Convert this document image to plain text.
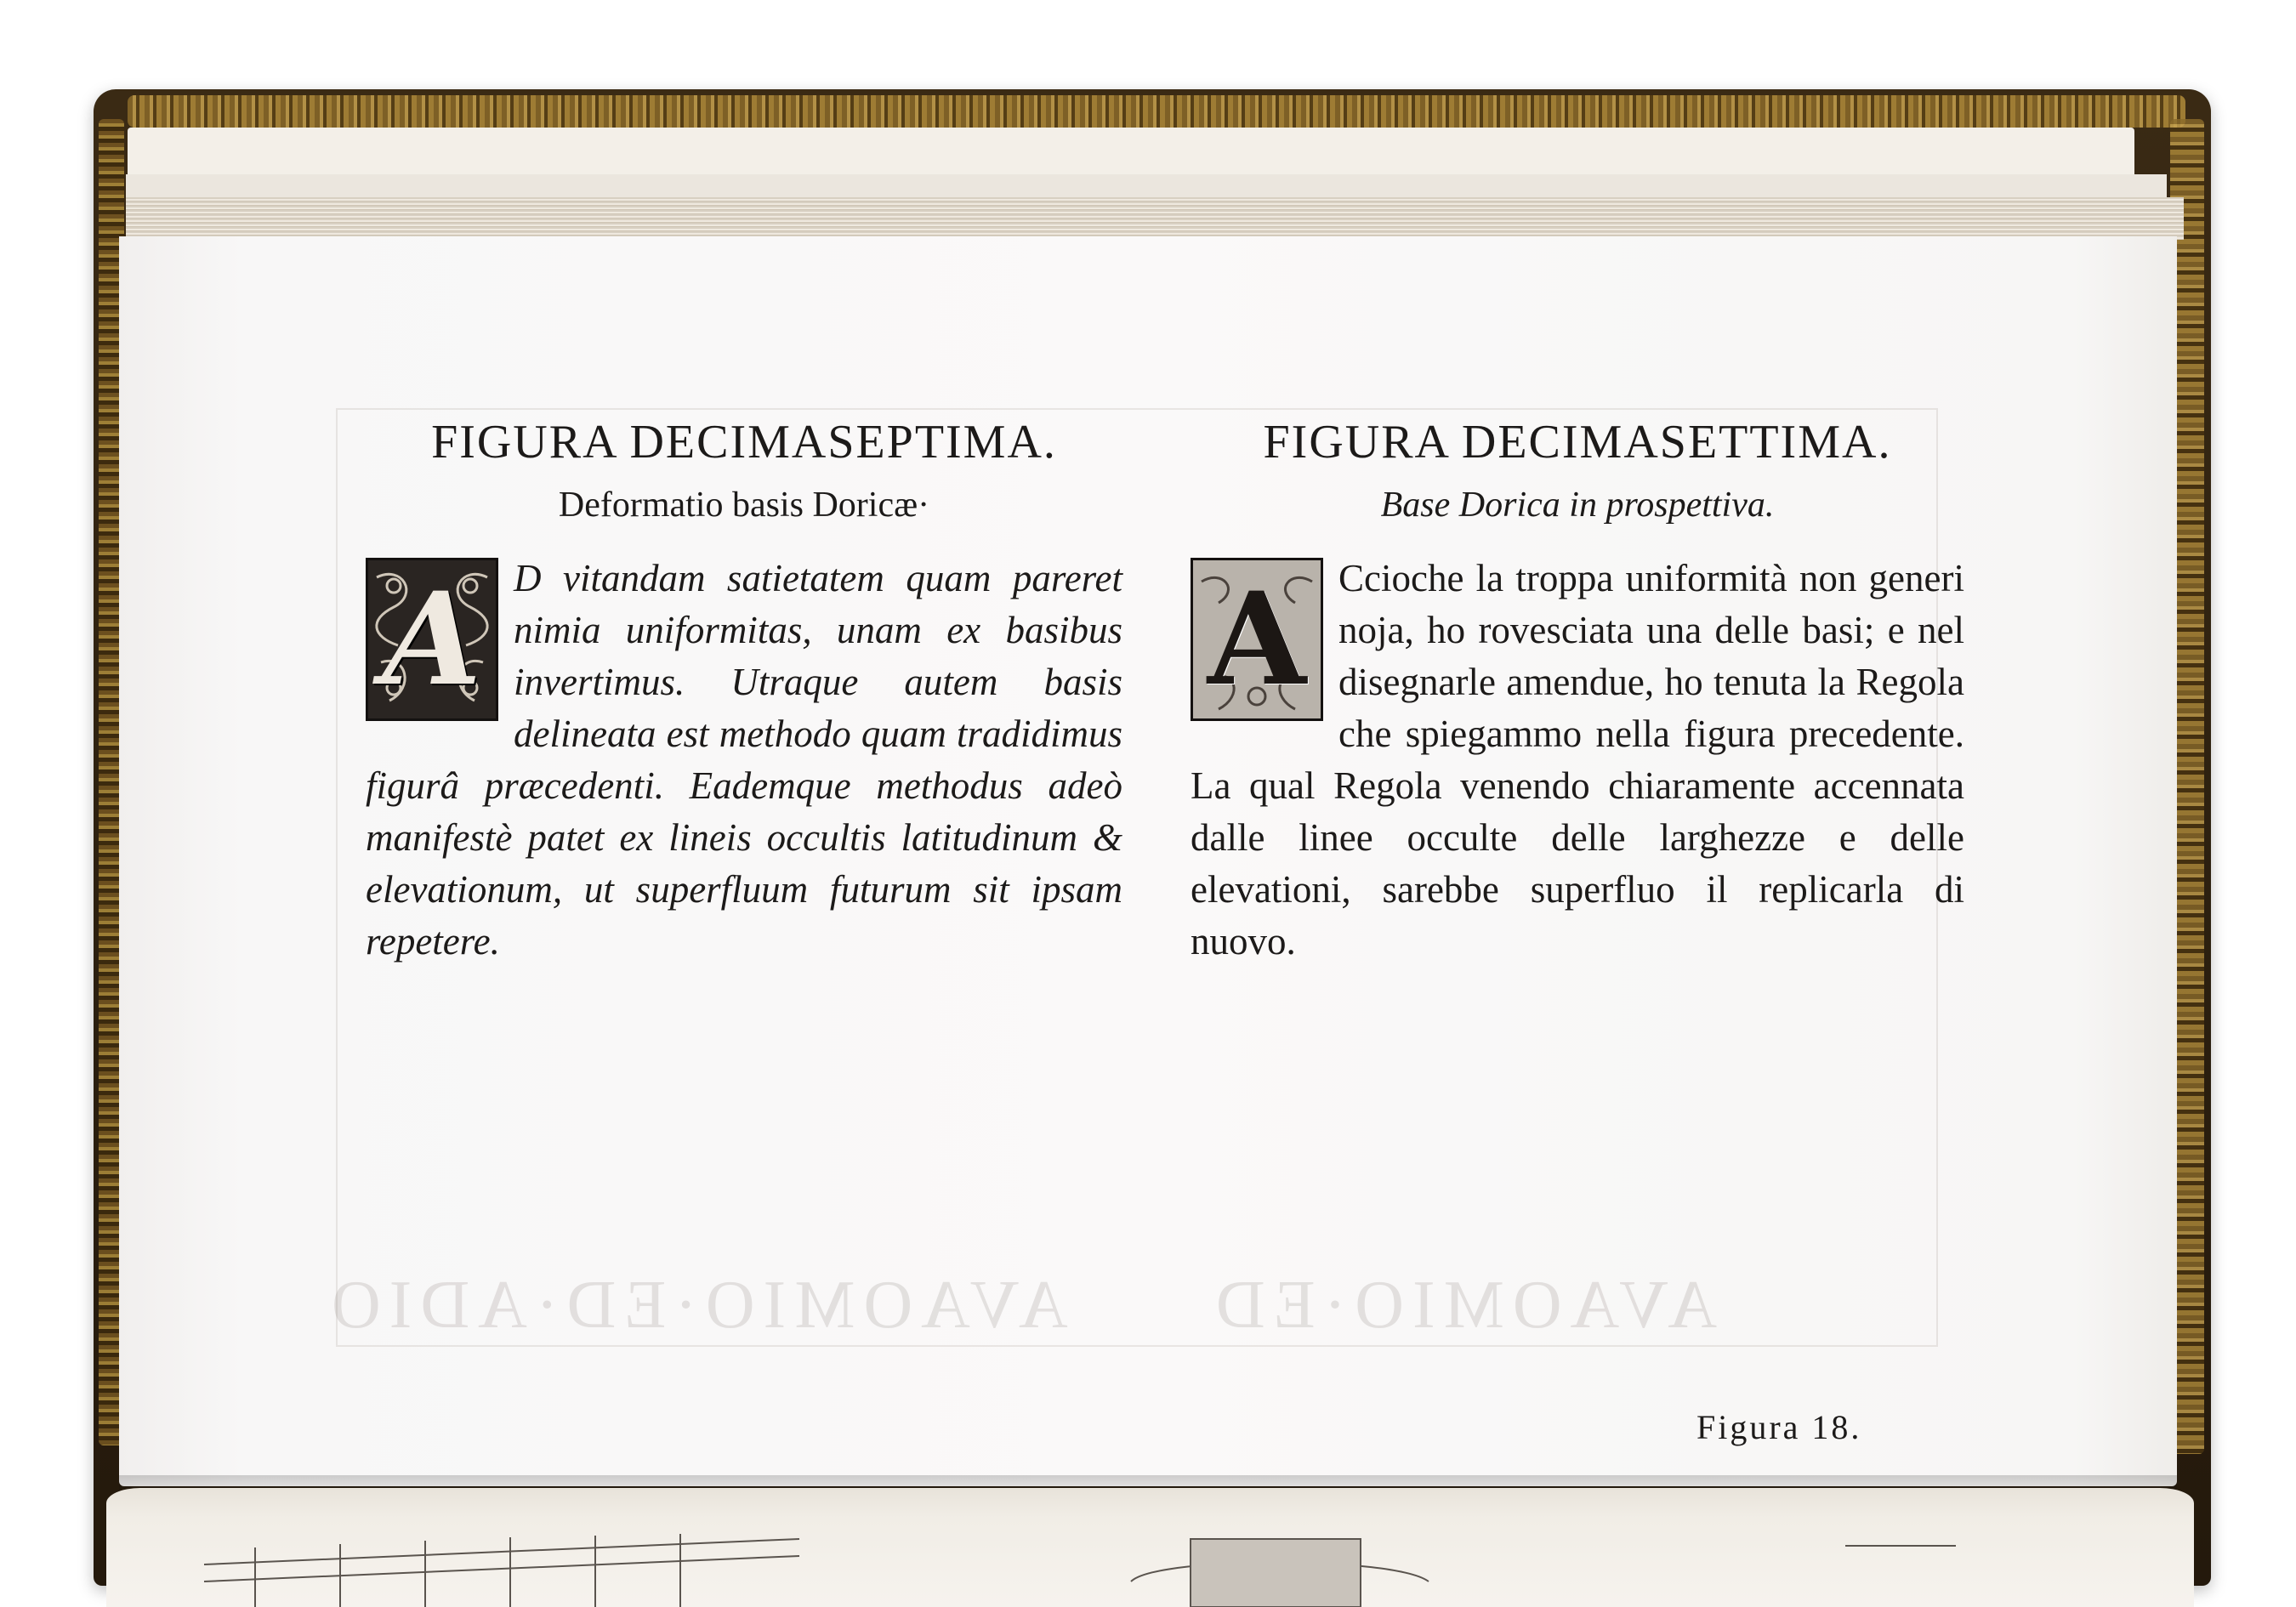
AVAOMIO·ED·ADIO AVAOMIO·ED
FIGURA DECIMASEPTIMA.
Deformatio basis Doricæ·
A D vitandam satietatem quam pareret nimia uniformitas, unam ex basibus invertimus. Utraque autem basis delineata est methodo quam tradidimus figurâ præcedenti. Eademque methodus adeò manifestè patet ex lineis occultis latitudinum & elevationum, ut superfluum futurum sit ipsam repetere.
FIGURA DECIMASETTIMA.
Base Dorica in prospettiva.
A Ccioche la troppa uniformità non generi noja, ho rovesciata una delle basi; e nel disegnarle amendue, ho tenuta la Regola che spiegammo nella figura precedente. La qual Regola venendo chiaramente accennata dalle linee occulte delle larghezze e delle elevationi, sarebbe superfluo il replicarla di nuovo.
Figura 18.
